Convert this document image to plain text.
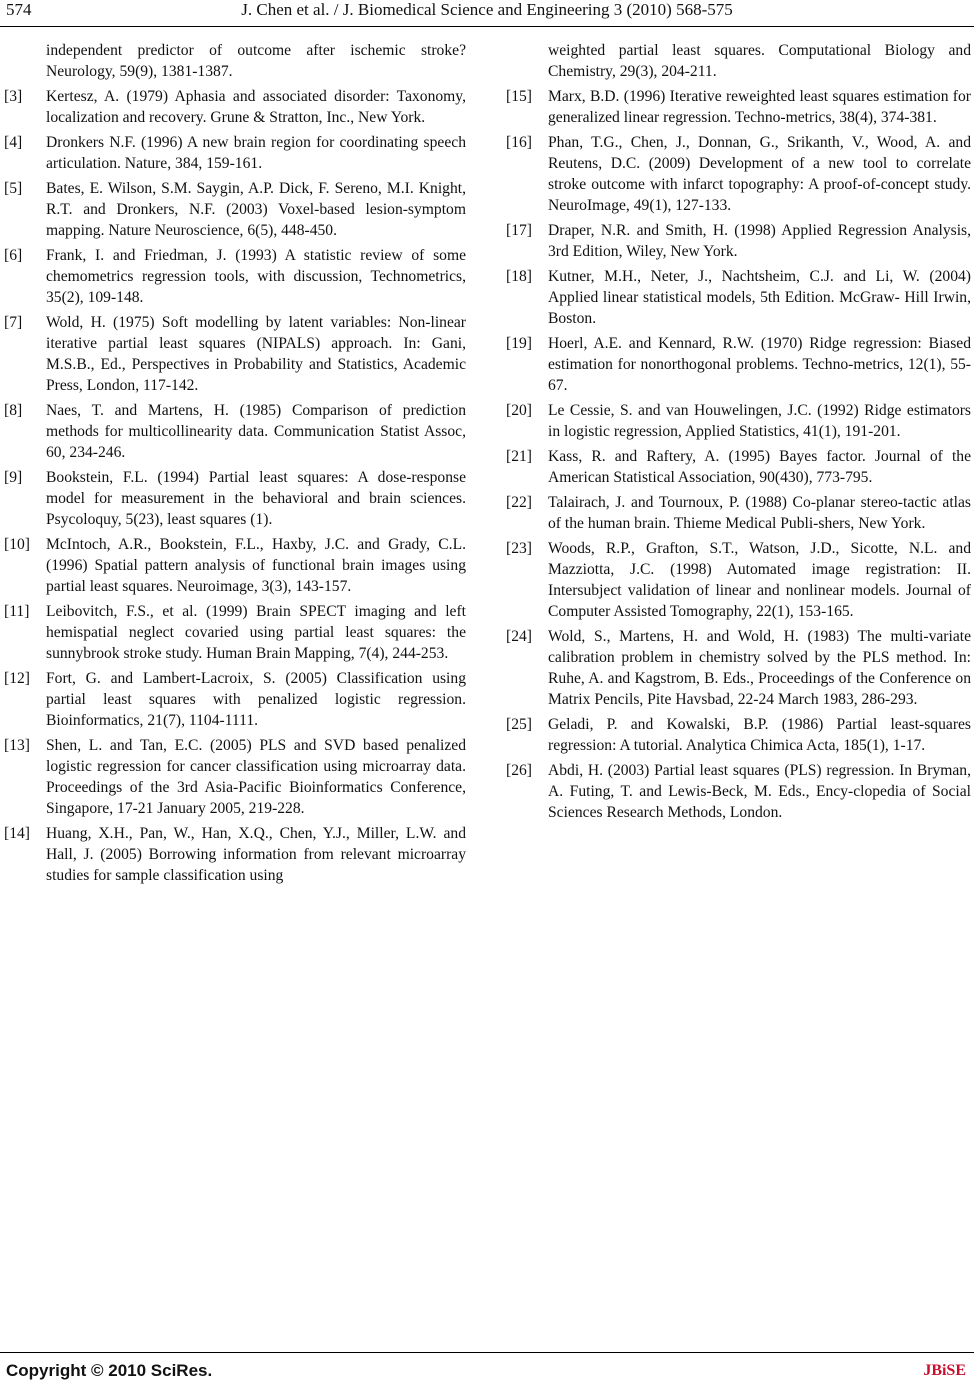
574	J. Chen et al. / J. Biomedical Science and Engineering 3 (2010) 568-575
independent predictor of outcome after ischemic stroke? Neurology, 59(9), 1381-1387.
[3] Kertesz, A. (1979) Aphasia and associated disorder: Taxonomy, localization and recovery. Grune & Stratton, Inc., New York.
[4] Dronkers N.F. (1996) A new brain region for coordinating speech articulation. Nature, 384, 159-161.
[5] Bates, E. Wilson, S.M. Saygin, A.P. Dick, F. Sereno, M.I. Knight, R.T. and Dronkers, N.F. (2003) Voxel-based lesion-symptom mapping. Nature Neuroscience, 6(5), 448-450.
[6] Frank, I. and Friedman, J. (1993) A statistic review of some chemometrics regression tools, with discussion, Technometrics, 35(2), 109-148.
[7] Wold, H. (1975) Soft modelling by latent variables: Non-linear iterative partial least squares (NIPALS) approach. In: Gani, M.S.B., Ed., Perspectives in Probability and Statistics, Academic Press, London, 117-142.
[8] Naes, T. and Martens, H. (1985) Comparison of prediction methods for multicollinearity data. Communication Statist Assoc, 60, 234-246.
[9] Bookstein, F.L. (1994) Partial least squares: A dose-response model for measurement in the behavioral and brain sciences. Psycoloquy, 5(23), least squares (1).
[10] McIntoch, A.R., Bookstein, F.L., Haxby, J.C. and Grady, C.L. (1996) Spatial pattern analysis of functional brain images using partial least squares. Neuroimage, 3(3), 143-157.
[11] Leibovitch, F.S., et al. (1999) Brain SPECT imaging and left hemispatial neglect covaried using partial least squares: the sunnybrook stroke study. Human Brain Mapping, 7(4), 244-253.
[12] Fort, G. and Lambert-Lacroix, S. (2005) Classification using partial least squares with penalized logistic regression. Bioinformatics, 21(7), 1104-1111.
[13] Shen, L. and Tan, E.C. (2005) PLS and SVD based penalized logistic regression for cancer classification using microarray data. Proceedings of the 3rd Asia-Pacific Bioinformatics Conference, Singapore, 17-21 January 2005, 219-228.
[14] Huang, X.H., Pan, W., Han, X.Q., Chen, Y.J., Miller, L.W. and Hall, J. (2005) Borrowing information from relevant microarray studies for sample classification using
weighted partial least squares. Computational Biology and Chemistry, 29(3), 204-211.
[15] Marx, B.D. (1996) Iterative reweighted least squares estimation for generalized linear regression. Techno-metrics, 38(4), 374-381.
[16] Phan, T.G., Chen, J., Donnan, G., Srikanth, V., Wood, A. and Reutens, D.C. (2009) Development of a new tool to correlate stroke outcome with infarct topography: A proof-of-concept study. NeuroImage, 49(1), 127-133.
[17] Draper, N.R. and Smith, H. (1998) Applied Regression Analysis, 3rd Edition, Wiley, New York.
[18] Kutner, M.H., Neter, J., Nachtsheim, C.J. and Li, W. (2004) Applied linear statistical models, 5th Edition. McGraw- Hill Irwin, Boston.
[19] Hoerl, A.E. and Kennard, R.W. (1970) Ridge regression: Biased estimation for nonorthogonal problems. Techno-metrics, 12(1), 55-67.
[20] Le Cessie, S. and van Houwelingen, J.C. (1992) Ridge estimators in logistic regression, Applied Statistics, 41(1), 191-201.
[21] Kass, R. and Raftery, A. (1995) Bayes factor. Journal of the American Statistical Association, 90(430), 773-795.
[22] Talairach, J. and Tournoux, P. (1988) Co-planar stereo-tactic atlas of the human brain. Thieme Medical Publi-shers, New York.
[23] Woods, R.P., Grafton, S.T., Watson, J.D., Sicotte, N.L. and Mazziotta, J.C. (1998) Automated image registration: II. Intersubject validation of linear and nonlinear models. Journal of Computer Assisted Tomography, 22(1), 153-165.
[24] Wold, S., Martens, H. and Wold, H. (1983) The multi-variate calibration problem in chemistry solved by the PLS method. In: Ruhe, A. and Kagstrom, B. Eds., Proceedings of the Conference on Matrix Pencils, Pite Havsbad, 22-24 March 1983, 286-293.
[25] Geladi, P. and Kowalski, B.P. (1986) Partial least-squares regression: A tutorial. Analytica Chimica Acta, 185(1), 1-17.
[26] Abdi, H. (2003) Partial least squares (PLS) regression. In Bryman, A. Futing, T. and Lewis-Beck, M. Eds., Ency-clopedia of Social Sciences Research Methods, London.
Copyright © 2010 SciRes.	JBiSE
